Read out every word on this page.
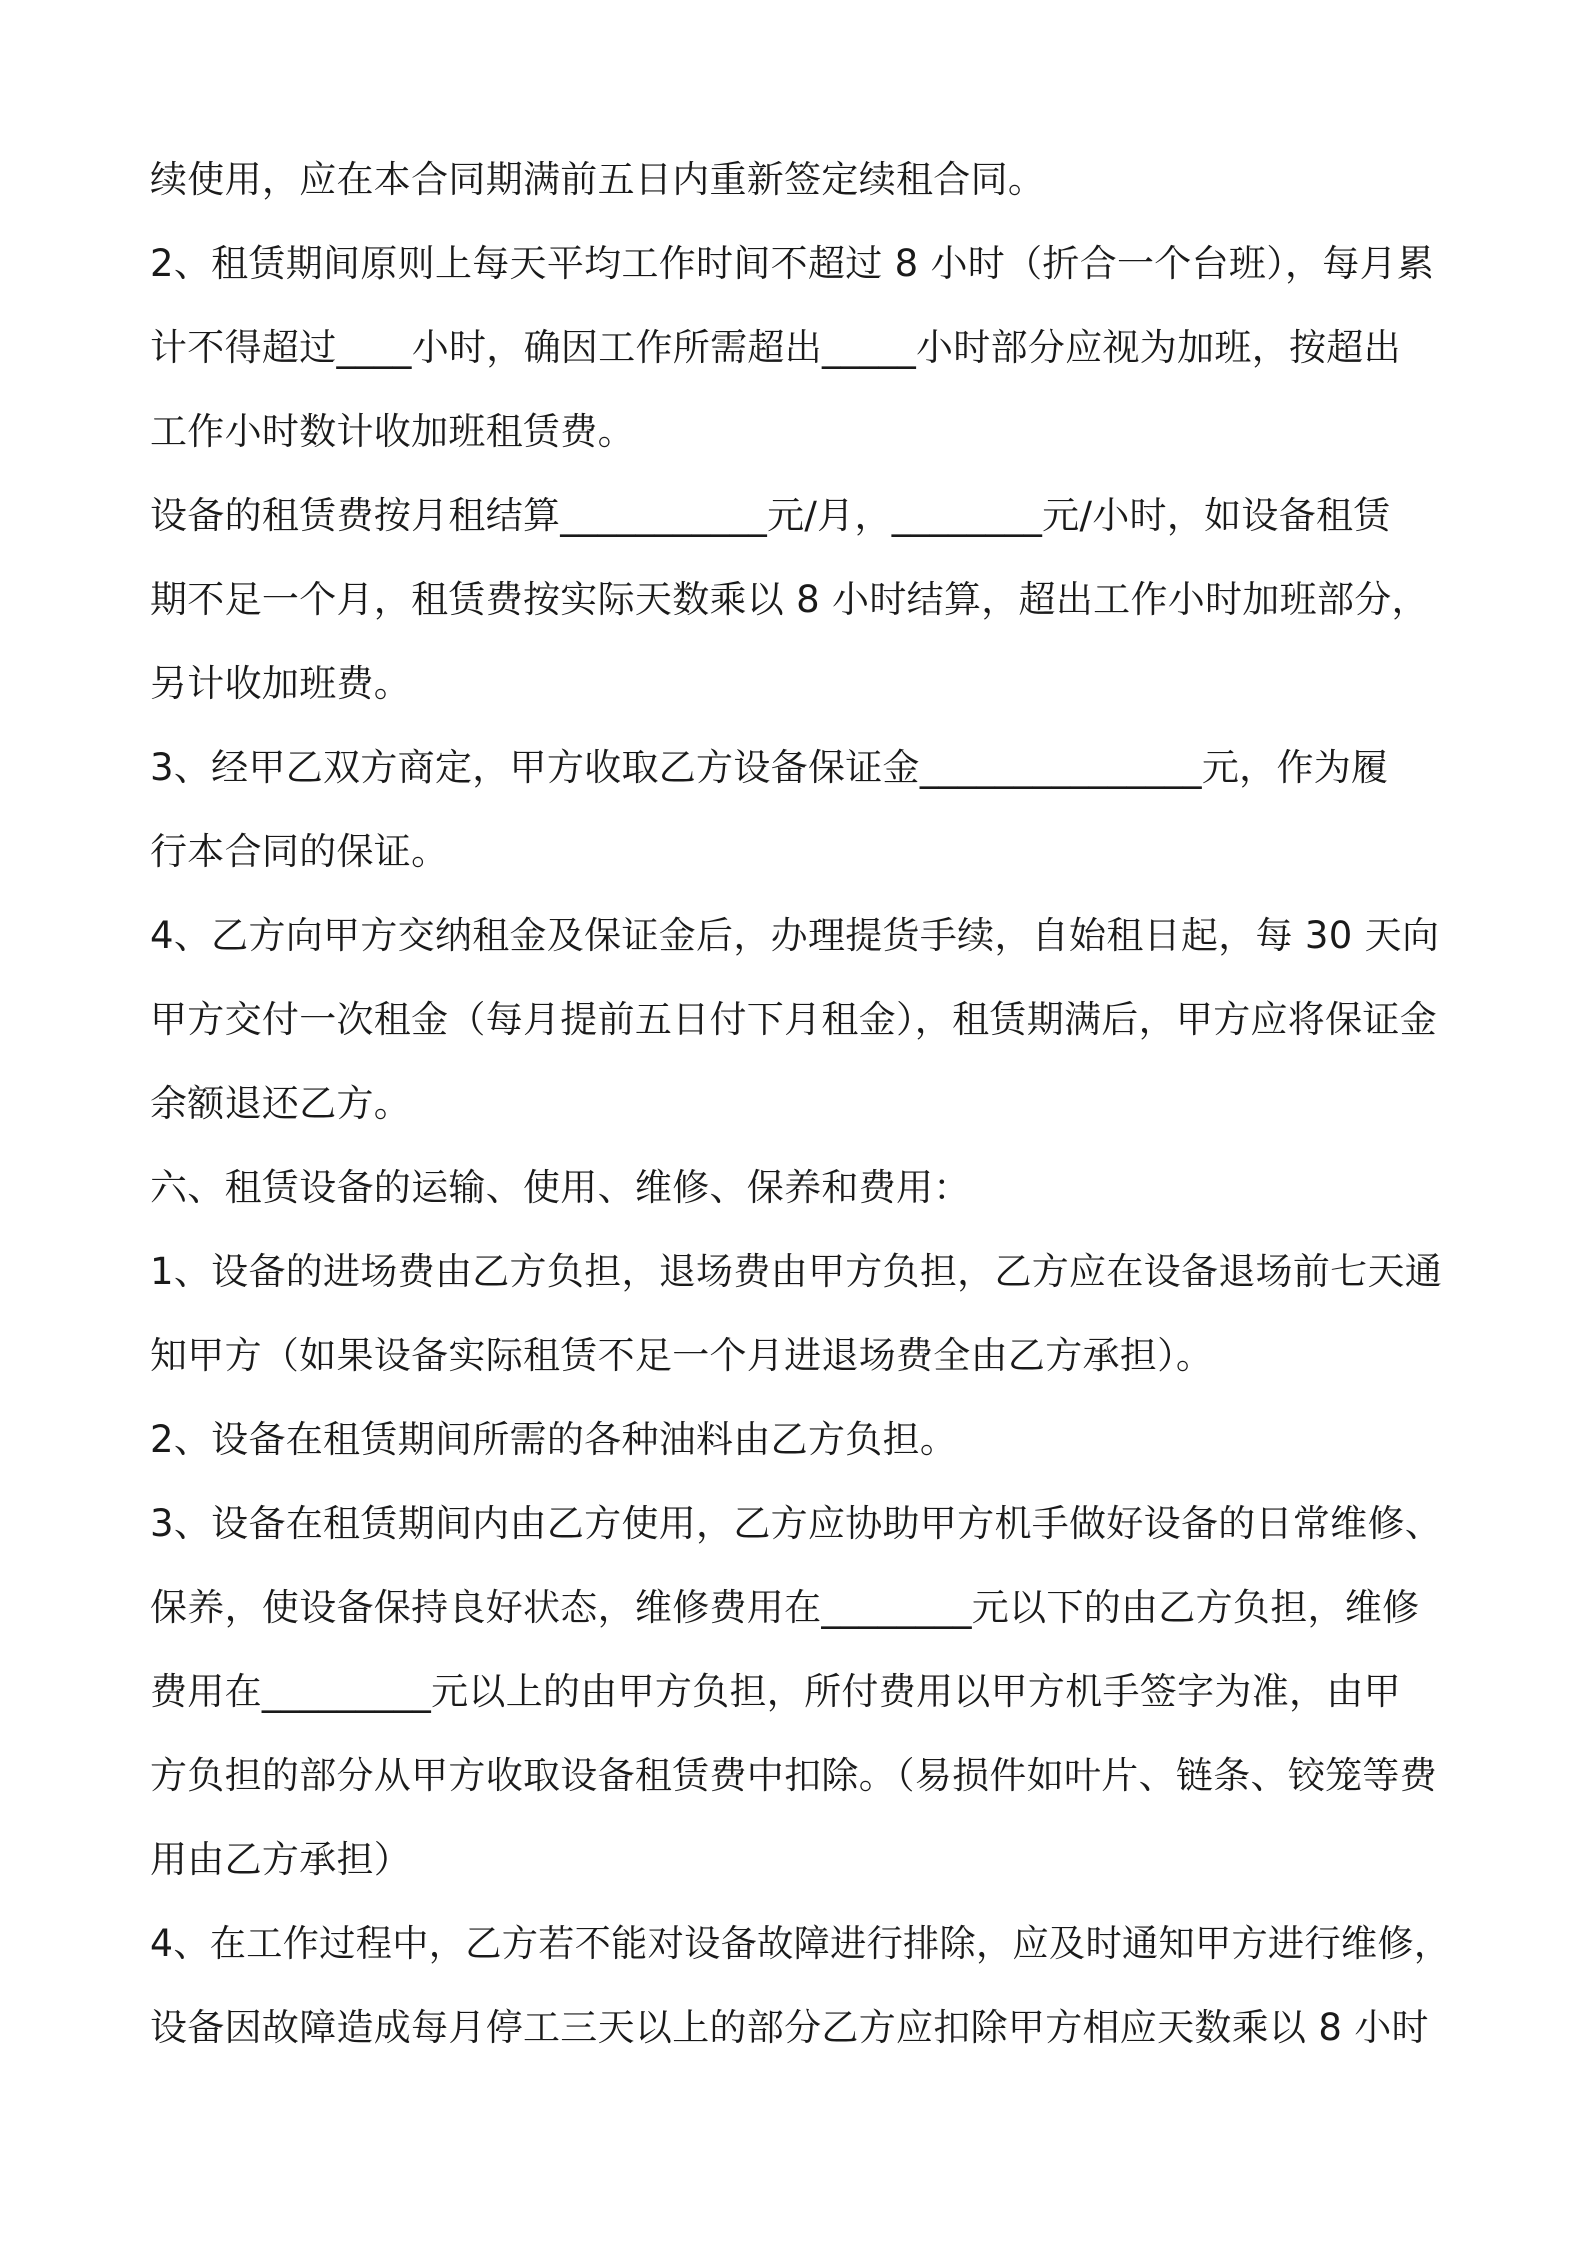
续使用，应在本合同期满前五日内重新签定续租合同。
2、租赁期间原则上每天平均工作时间不超过 8 小时（折合一个台班），每月累
计不得超过____小时，确因工作所需超出_____小时部分应视为加班，按超出
工作小时数计收加班租赁费。
设备的租赁费按月租结算___________元/月，________元/小时，如设备租赁
期不足一个月，租赁费按实际天数乘以 8 小时结算，超出工作小时加班部分，
另计收加班费。
3、经甲乙双方商定，甲方收取乙方设备保证金_______________元，作为履
行本合同的保证。
4、乙方向甲方交纳租金及保证金后，办理提货手续，自始租日起，每 30 天向
甲方交付一次租金（每月提前五日付下月租金），租赁期满后，甲方应将保证金
余额退还乙方。
六、租赁设备的运输、使用、维修、保养和费用：
1、设备的进场费由乙方负担，退场费由甲方负担，乙方应在设备退场前七天通
知甲方（如果设备实际租赁不足一个月进退场费全由乙方承担）。
2、设备在租赁期间所需的各种油料由乙方负担。
3、设备在租赁期间内由乙方使用，乙方应协助甲方机手做好设备的日常维修、
保养，使设备保持良好状态，维修费用在________元以下的由乙方负担，维修
费用在_________元以上的由甲方负担，所付费用以甲方机手签字为准，由甲
方负担的部分从甲方收取设备租赁费中扣除。（易损件如叶片、链条、铰笼等费
用由乙方承担）
4、在工作过程中，乙方若不能对设备故障进行排除，应及时通知甲方进行维修，
设备因故障造成每月停工三天以上的部分乙方应扣除甲方相应天数乘以 8 小时
